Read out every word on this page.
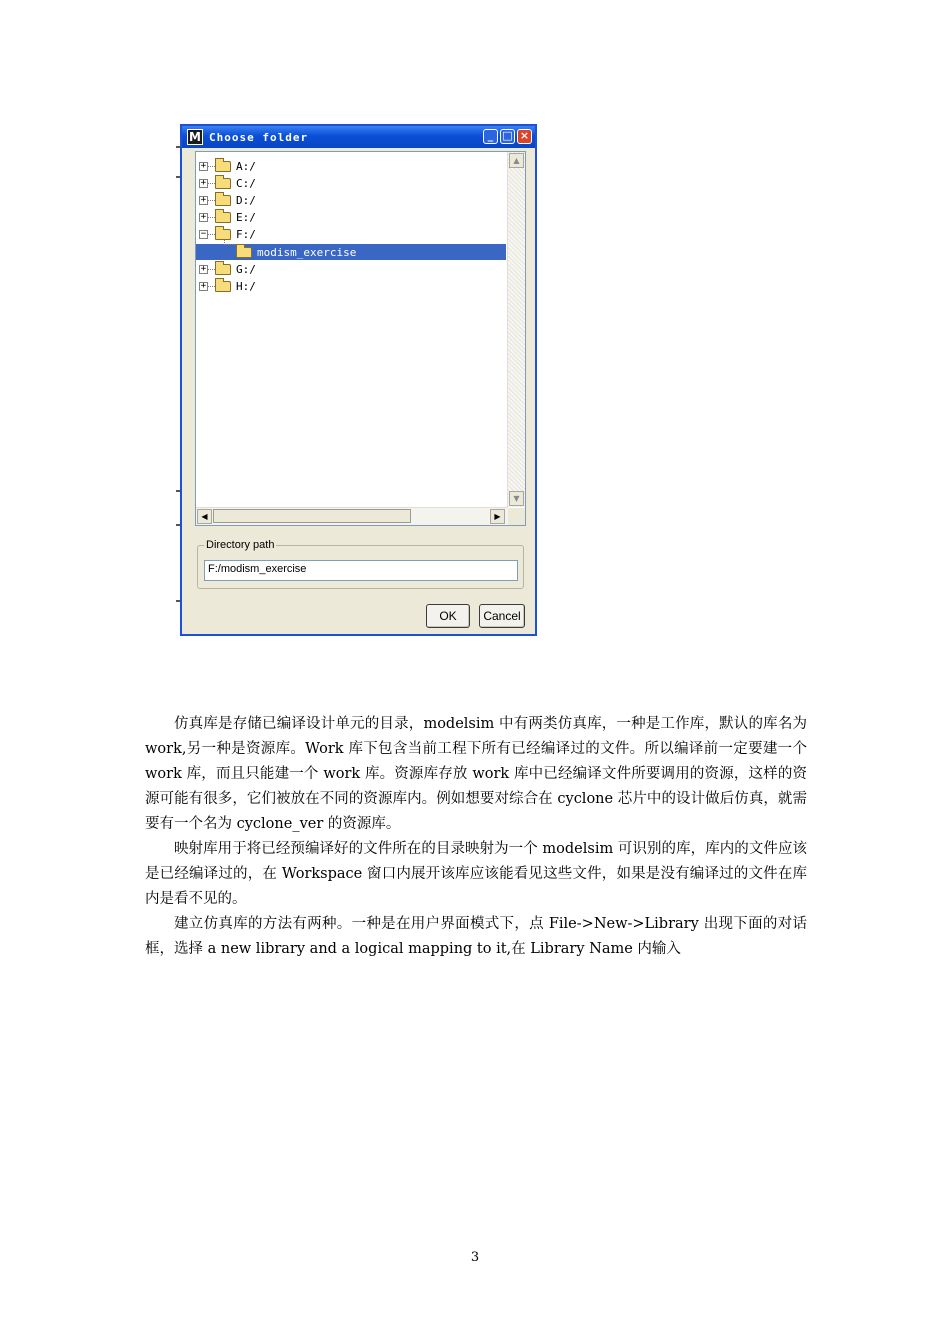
M Choose folder	_ □ ×
+	A:/
+	C:/
+	D:/
+	E:/
−	F:/
modism_exercise
+	G:/
+	H:/
▲
▼
◀	▶
Directory path
F:/modism_exercise
OK	Cancel

仿真库是存储已编译设计单元的目录，modelsim 中有两类仿真库，一种是工作库，默认的库名为 work,另一种是资源库。Work 库下包含当前工程下所有已经编译过的文件。所以编译前一定要建一个 work 库，而且只能建一个 work 库。资源库存放 work 库中已经编译文件所要调用的资源，这样的资源可能有很多，它们被放在不同的资源库内。例如想要对综合在 cyclone 芯片中的设计做后仿真，就需要有一个名为 cyclone_ver 的资源库。

映射库用于将已经预编译好的文件所在的目录映射为一个 modelsim 可识别的库，库内的文件应该是已经编译过的，在 Workspace 窗口内展开该库应该能看见这些文件，如果是没有编译过的文件在库内是看不见的。

建立仿真库的方法有两种。一种是在用户界面模式下，点 File->New->Library 出现下面的对话框，选择 a new library and a logical mapping to it,在 Library Name 内输入

3
